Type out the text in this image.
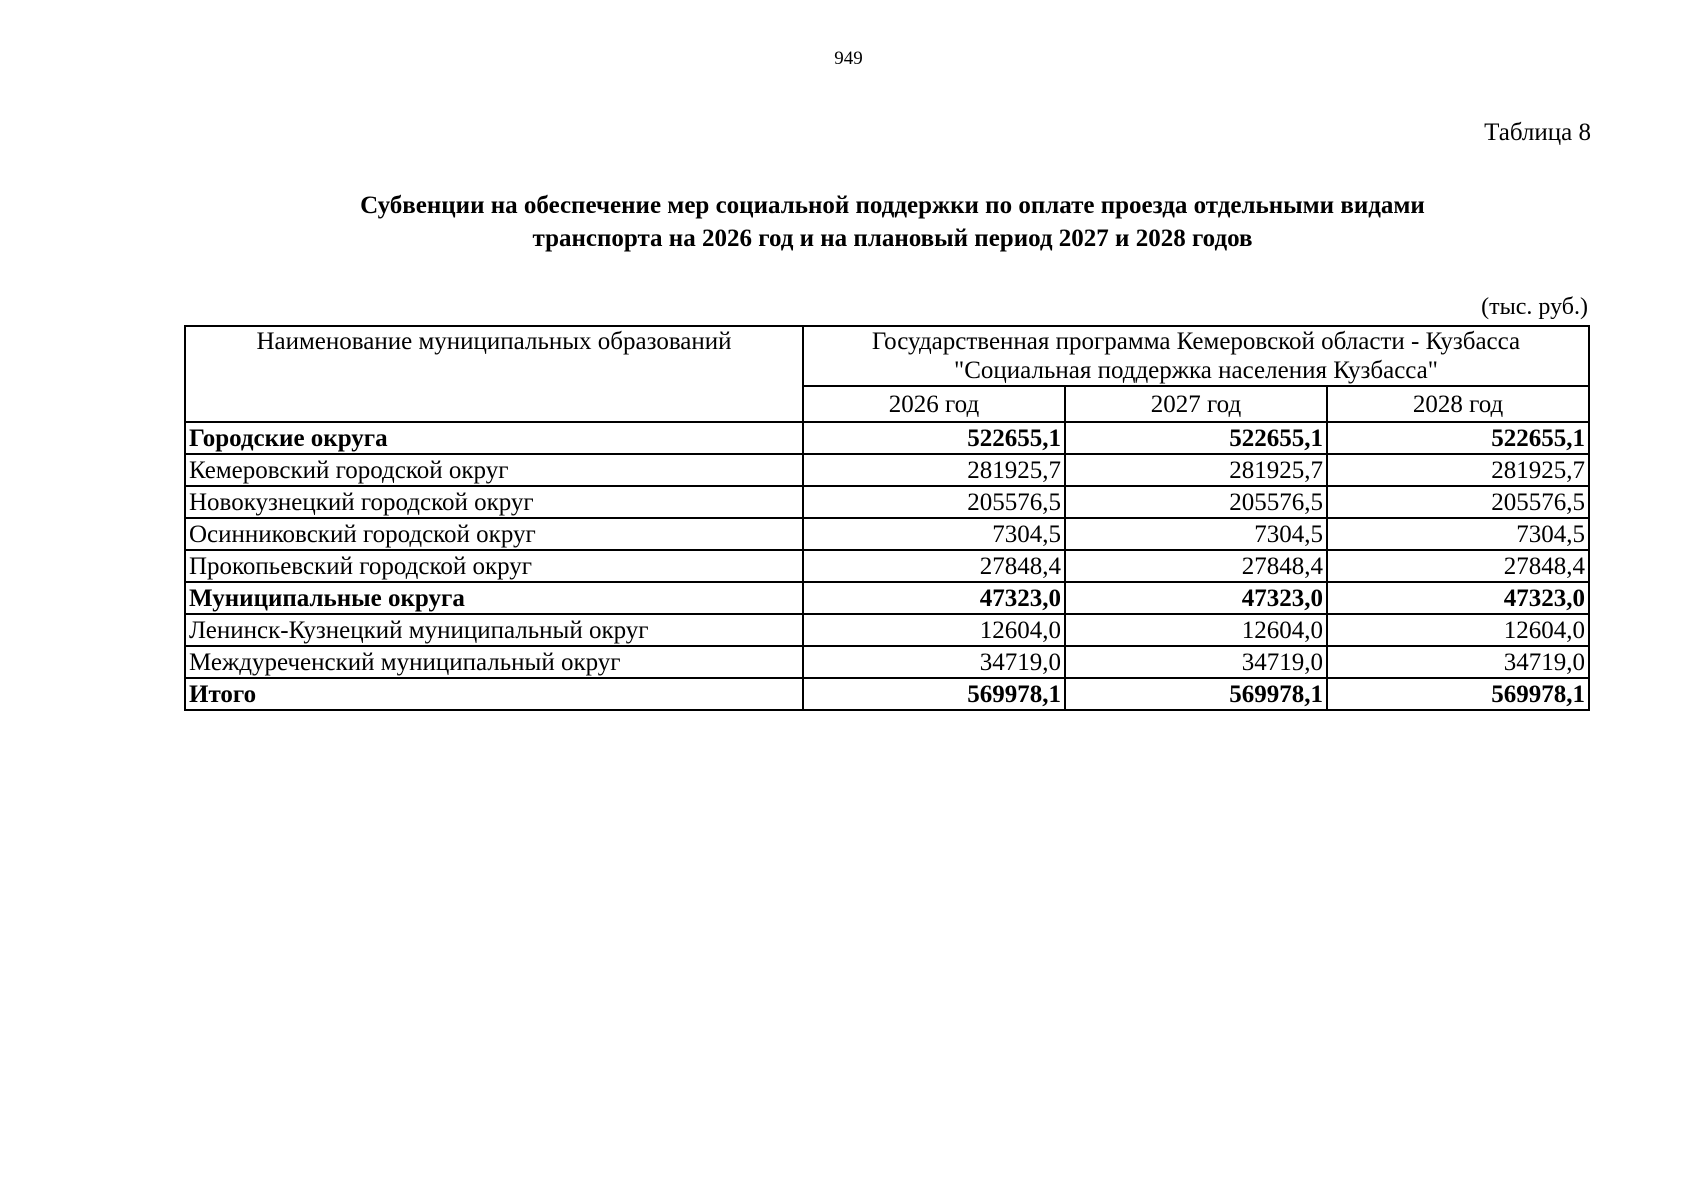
949
Таблица 8
Субвенции на обеспечение мер социальной поддержки по оплате проезда отдельными видами
транспорта на 2026 год и на плановый период 2027 и 2028 годов
(тыс. руб.)
Наименование муниципальных образований	Государственная программа Кемеровской области - Кузбасса
"Социальная поддержка населения Кузбасса"		

	2026 год	2027 год	2028 год
Городские округа	522655,1	522655,1	522655,1
Кемеровский городской округ	281925,7	281925,7	281925,7
Новокузнецкий городской округ	205576,5	205576,5	205576,5
Осинниковский городской округ	7304,5	7304,5	7304,5
Прокопьевский городской округ	27848,4	27848,4	27848,4
Муниципальные округа	47323,0	47323,0	47323,0
Ленинск-Кузнецкий муниципальный округ	12604,0	12604,0	12604,0
Междуреченский муниципальный округ	34719,0	34719,0	34719,0
Итого	569978,1	569978,1	569978,1
